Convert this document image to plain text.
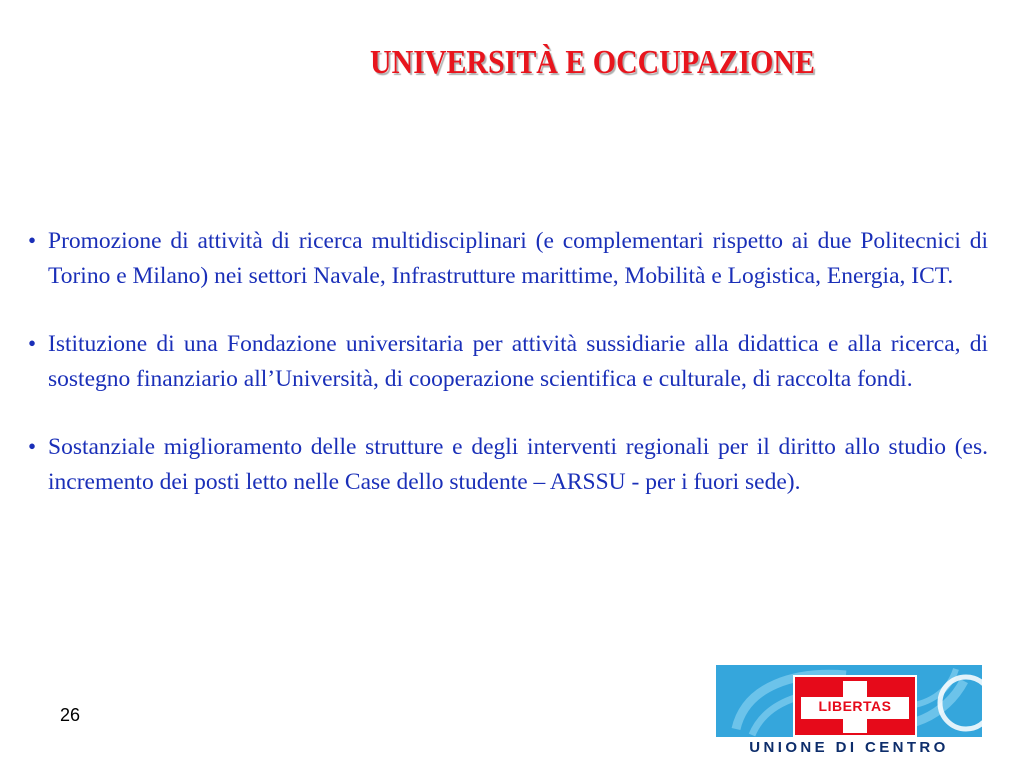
UNIVERSITÀ E OCCUPAZIONE
• Promozione di attività di ricerca multidisciplinari (e complementari rispetto ai due Politecnici di Torino e Milano) nei settori Navale, Infrastrutture marittime, Mobilità e Logistica, Energia, ICT.
• Istituzione di una Fondazione universitaria per attività sussidiarie alla didattica e alla ricerca, di sostegno finanziario all’Università, di cooperazione scientifica e culturale, di raccolta fondi.
• Sostanziale miglioramento delle strutture e degli interventi regionali per il diritto allo studio (es. incremento dei posti letto nelle Case dello studente – ARSSU - per i fuori sede).
26	LIBERTAS
UNIONE DI CENTRO
